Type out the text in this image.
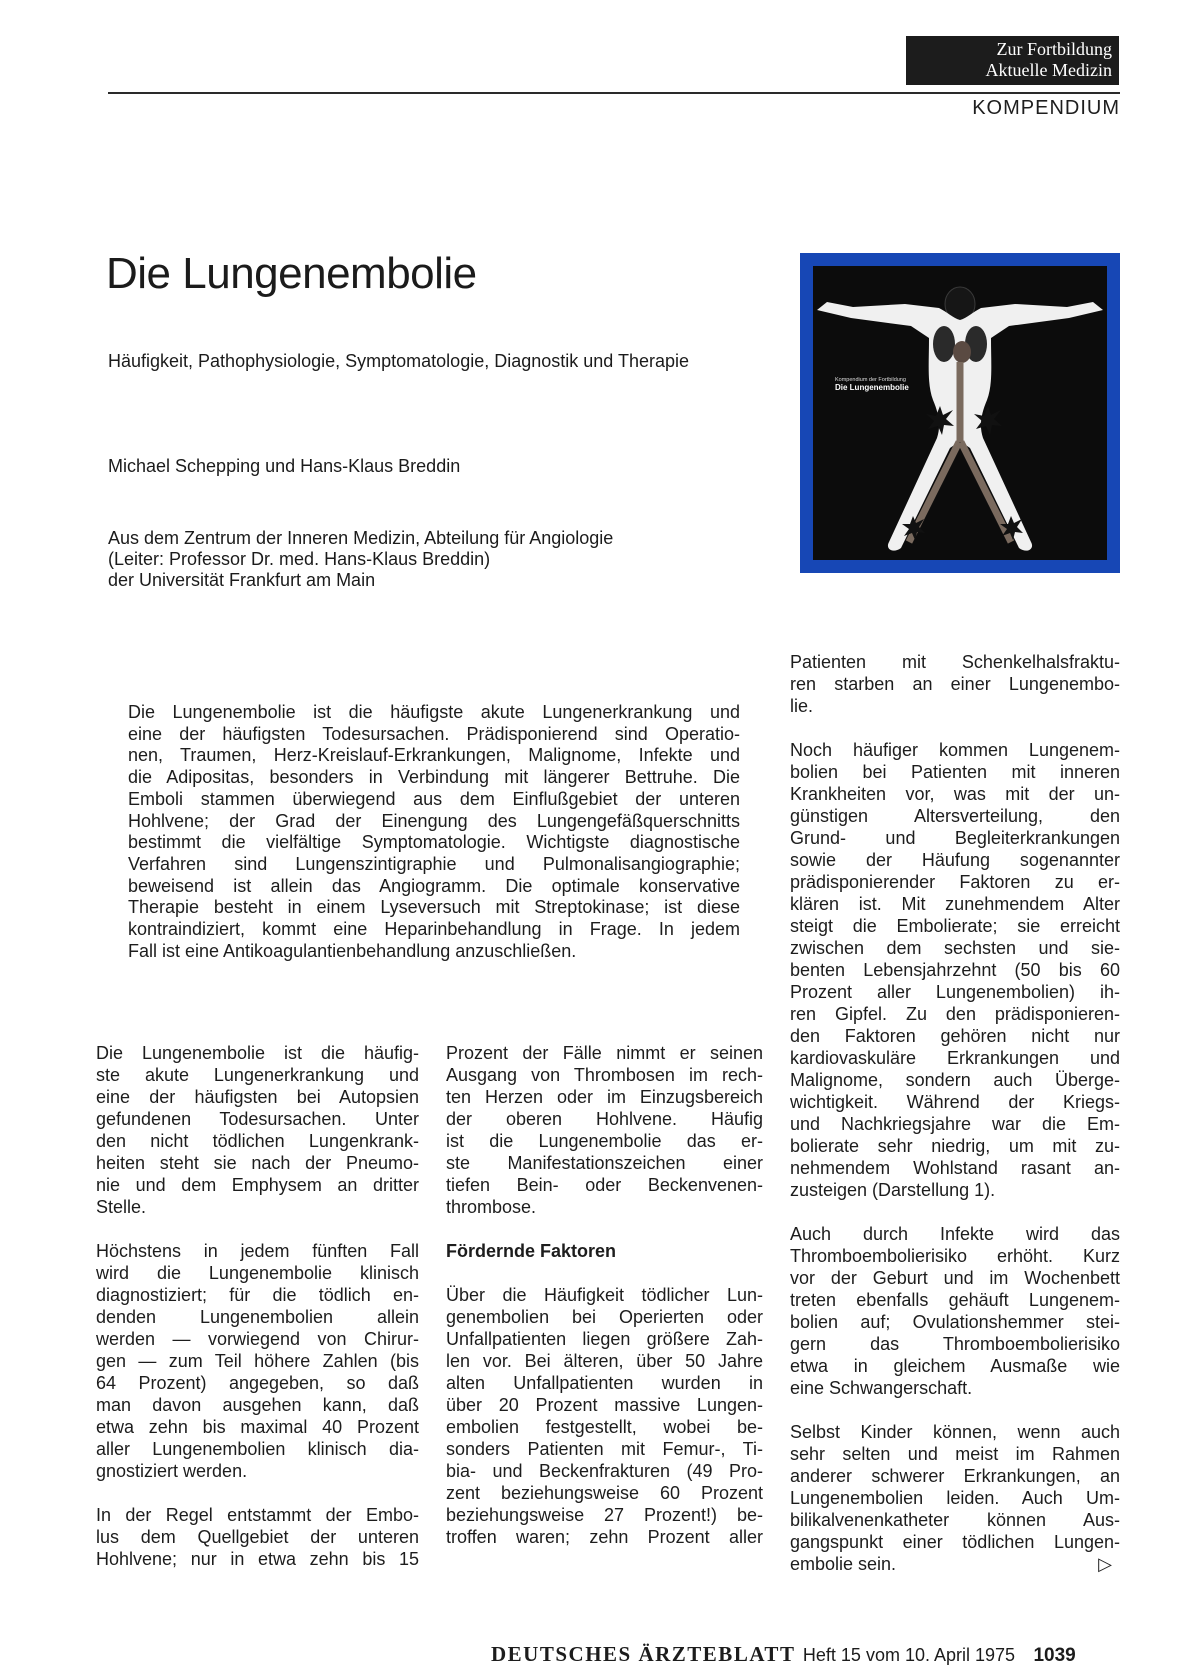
Zur Fortbildung
Aktuelle Medizin
KOMPENDIUM
Die Lungenembolie
Häufigkeit, Pathophysiologie, Symptomatologie, Diagnostik und Therapie
Michael Schepping und Hans-Klaus Breddin
Aus dem Zentrum der Inneren Medizin, Abteilung für Angiologie
(Leiter: Professor Dr. med. Hans-Klaus Breddin)
der Universität Frankfurt am Main
Kompendium der Fortbildung
Die Lungenembolie
Die Lungenembolie ist die häufigste akute Lungenerkrankung und
eine der häufigsten Todesursachen. Prädisponierend sind Operatio-
nen, Traumen, Herz-Kreislauf-Erkrankungen, Malignome, Infekte und
die Adipositas, besonders in Verbindung mit längerer Bettruhe. Die
Emboli stammen überwiegend aus dem Einflußgebiet der unteren
Hohlvene; der Grad der Einengung des Lungengefäßquerschnitts
bestimmt die vielfältige Symptomatologie. Wichtigste diagnostische
Verfahren sind Lungenszintigraphie und Pulmonalisangiographie;
beweisend ist allein das Angiogramm. Die optimale konservative
Therapie besteht in einem Lyseversuch mit Streptokinase; ist diese
kontraindiziert, kommt eine Heparinbehandlung in Frage. In jedem
Fall ist eine Antikoagulantienbehandlung anzuschließen.
Die Lungenembolie ist die häufig-
ste akute Lungenerkrankung und
eine der häufigsten bei Autopsien
gefundenen Todesursachen. Unter
den nicht tödlichen Lungenkrank-
heiten steht sie nach der Pneumo-
nie und dem Emphysem an dritter
Stelle.
Höchstens in jedem fünften Fall
wird die Lungenembolie klinisch
diagnostiziert; für die tödlich en-
denden Lungenembolien allein
werden — vorwiegend von Chirur-
gen — zum Teil höhere Zahlen (bis
64 Prozent) angegeben, so daß
man davon ausgehen kann, daß
etwa zehn bis maximal 40 Prozent
aller Lungenembolien klinisch dia-
gnostiziert werden.
In der Regel entstammt der Embo-
lus dem Quellgebiet der unteren
Hohlvene; nur in etwa zehn bis 15
Prozent der Fälle nimmt er seinen
Ausgang von Thrombosen im rech-
ten Herzen oder im Einzugsbereich
der oberen Hohlvene. Häufig
ist die Lungenembolie das er-
ste Manifestationszeichen einer
tiefen Bein- oder Beckenvenen-
thrombose.
Fördernde Faktoren
Über die Häufigkeit tödlicher Lun-
genembolien bei Operierten oder
Unfallpatienten liegen größere Zah-
len vor. Bei älteren, über 50 Jahre
alten Unfallpatienten wurden in
über 20 Prozent massive Lungen-
embolien festgestellt, wobei be-
sonders Patienten mit Femur-, Ti-
bia- und Beckenfrakturen (49 Pro-
zent beziehungsweise 60 Prozent
beziehungsweise 27 Prozent!) be-
troffen waren; zehn Prozent aller
Patienten mit Schenkelhalsfraktu-
ren starben an einer Lungenembo-
lie.
Noch häufiger kommen Lungenem-
bolien bei Patienten mit inneren
Krankheiten vor, was mit der un-
günstigen Altersverteilung, den
Grund- und Begleiterkrankungen
sowie der Häufung sogenannter
prädisponierender Faktoren zu er-
klären ist. Mit zunehmendem Alter
steigt die Embolierate; sie erreicht
zwischen dem sechsten und sie-
benten Lebensjahrzehnt (50 bis 60
Prozent aller Lungenembolien) ih-
ren Gipfel. Zu den prädisponieren-
den Faktoren gehören nicht nur
kardiovaskuläre Erkrankungen und
Malignome, sondern auch Überge-
wichtigkeit. Während der Kriegs-
und Nachkriegsjahre war die Em-
bolierate sehr niedrig, um mit zu-
nehmendem Wohlstand rasant an-
zusteigen (Darstellung 1).
Auch durch Infekte wird das
Thromboembolierisiko erhöht. Kurz
vor der Geburt und im Wochenbett
treten ebenfalls gehäuft Lungenem-
bolien auf; Ovulationshemmer stei-
gern das Thromboembolierisiko
etwa in gleichem Ausmaße wie
eine Schwangerschaft.
Selbst Kinder können, wenn auch
sehr selten und meist im Rahmen
anderer schwerer Erkrankungen, an
Lungenembolien leiden. Auch Um-
bilikalvenenkatheter können Aus-
gangspunkt einer tödlichen Lungen-
embolie sein.	▷
DEUTSCHES ÄRZTEBLATT Heft 15 vom 10. April 1975 1039
